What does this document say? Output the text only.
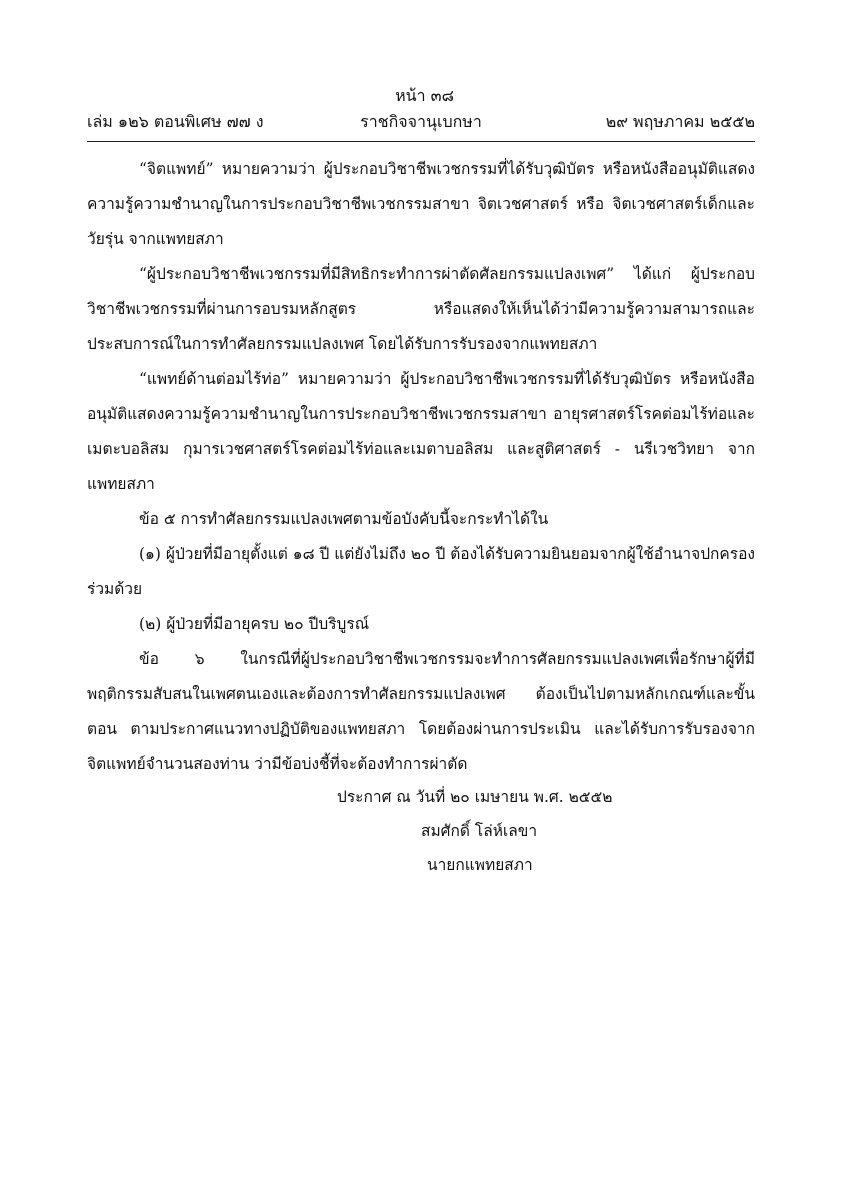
หน้า ๓๘
ราชกิจจานุเบกษา
เล่ม ๑๒๖ ตอนพิเศษ ๗๗ ง	๒๙ พฤษภาคม ๒๕๕๒

“จิตแพทย์” หมายความว่า ผู้ประกอบวิชาชีพเวชกรรมที่ได้รับวุฒิบัตร หรือหนังสืออนุมัติแสดงความรู้ความชำนาญในการประกอบวิชาชีพเวชกรรมสาขา จิตเวชศาสตร์ หรือ จิตเวชศาสตร์เด็กและวัยรุ่น จากแพทยสภา

“ผู้ประกอบวิชาชีพเวชกรรมที่มีสิทธิกระทำการผ่าตัดศัลยกรรมแปลงเพศ” ได้แก่ ผู้ประกอบวิชาชีพเวชกรรมที่ผ่านการอบรมหลักสูตร หรือแสดงให้เห็นได้ว่ามีความรู้ความสามารถและประสบการณ์ในการทำศัลยกรรมแปลงเพศ โดยได้รับการรับรองจากแพทยสภา

“แพทย์ด้านต่อมไร้ท่อ” หมายความว่า ผู้ประกอบวิชาชีพเวชกรรมที่ได้รับวุฒิบัตร หรือหนังสืออนุมัติแสดงความรู้ความชำนาญในการประกอบวิชาชีพเวชกรรมสาขา อายุรศาสตร์โรคต่อมไร้ท่อและเมตะบอลิสม กุมารเวชศาสตร์โรคต่อมไร้ท่อและเมตาบอลิสม และสูติศาสตร์ - นรีเวชวิทยา จากแพทยสภา

ข้อ ๕ การทำศัลยกรรมแปลงเพศตามข้อบังคับนี้จะกระทำได้ใน

(๑) ผู้ป่วยที่มีอายุตั้งแต่ ๑๘ ปี แต่ยังไม่ถึง ๒๐ ปี ต้องได้รับความยินยอมจากผู้ใช้อำนาจปกครองร่วมด้วย

(๒) ผู้ป่วยที่มีอายุครบ ๒๐ ปีบริบูรณ์

ข้อ ๖ ในกรณีที่ผู้ประกอบวิชาชีพเวชกรรมจะทำการศัลยกรรมแปลงเพศเพื่อรักษาผู้ที่มีพฤติกรรมสับสนในเพศตนเองและต้องการทำศัลยกรรมแปลงเพศ ต้องเป็นไปตามหลักเกณฑ์และขั้นตอน ตามประกาศแนวทางปฏิบัติของแพทยสภา โดยต้องผ่านการประเมิน และได้รับการรับรองจากจิตแพทย์จำนวนสองท่าน ว่ามีข้อบ่งชี้ที่จะต้องทำการผ่าตัด

ประกาศ ณ วันที่ ๒๐ เมษายน พ.ศ. ๒๕๕๒
สมศักดิ์ โล่ห์เลขา
นายกแพทยสภา
